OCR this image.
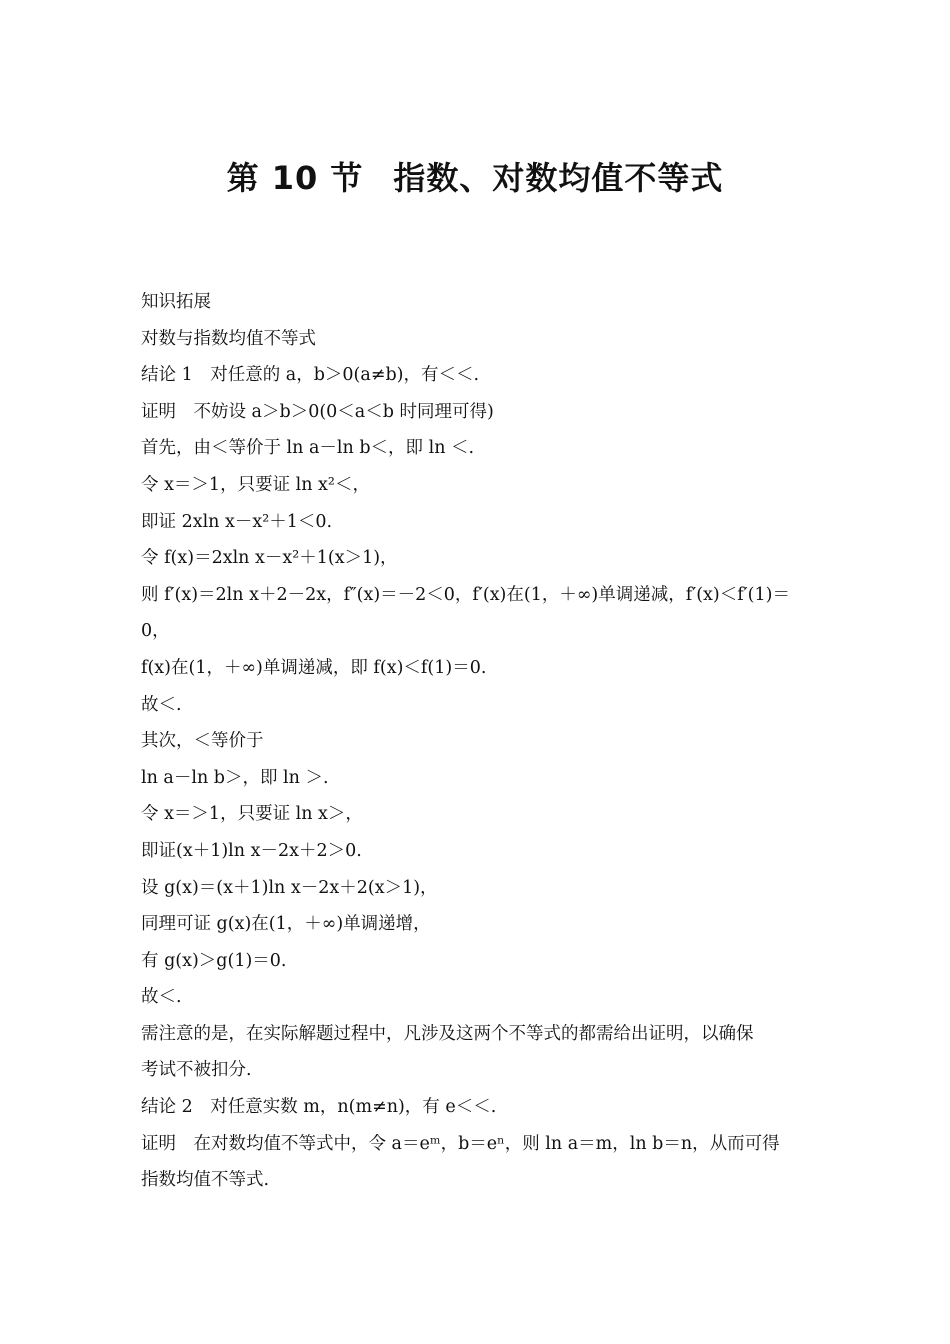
第 10 节 指数、对数均值不等式
知识拓展
对数与指数均值不等式
结论 1　对任意的 a，b＞0(a≠b)，有＜＜.
证明　不妨设 a＞b＞0(0＜a＜b 时同理可得)
首先，由＜等价于 ln a－ln b＜，即 ln ＜.
令 x＝＞1，只要证 ln x²＜，
即证 2xln x－x²＋1＜0.
令 f(x)＝2xln x－x²＋1(x＞1)，
则 f′(x)＝2ln x＋2－2x，f″(x)＝－2＜0，f′(x)在(1，＋∞)单调递减，f′(x)＜f′(1)＝
0，
f(x)在(1，＋∞)单调递减，即 f(x)＜f(1)＝0.
故＜.
其次，＜等价于
ln a－ln b＞，即 ln ＞.
令 x＝＞1，只要证 ln x＞，
即证(x＋1)ln x－2x＋2＞0.
设 g(x)＝(x＋1)ln x－2x＋2(x＞1)，
同理可证 g(x)在(1，＋∞)单调递增，
有 g(x)＞g(1)＝0.
故＜.
需注意的是，在实际解题过程中，凡涉及这两个不等式的都需给出证明，以确保
考试不被扣分.
结论 2　对任意实数 m，n(m≠n)，有 e＜＜.
证明　在对数均值不等式中，令 a＝eᵐ，b＝eⁿ，则 ln a＝m，ln b＝n，从而可得
指数均值不等式.
